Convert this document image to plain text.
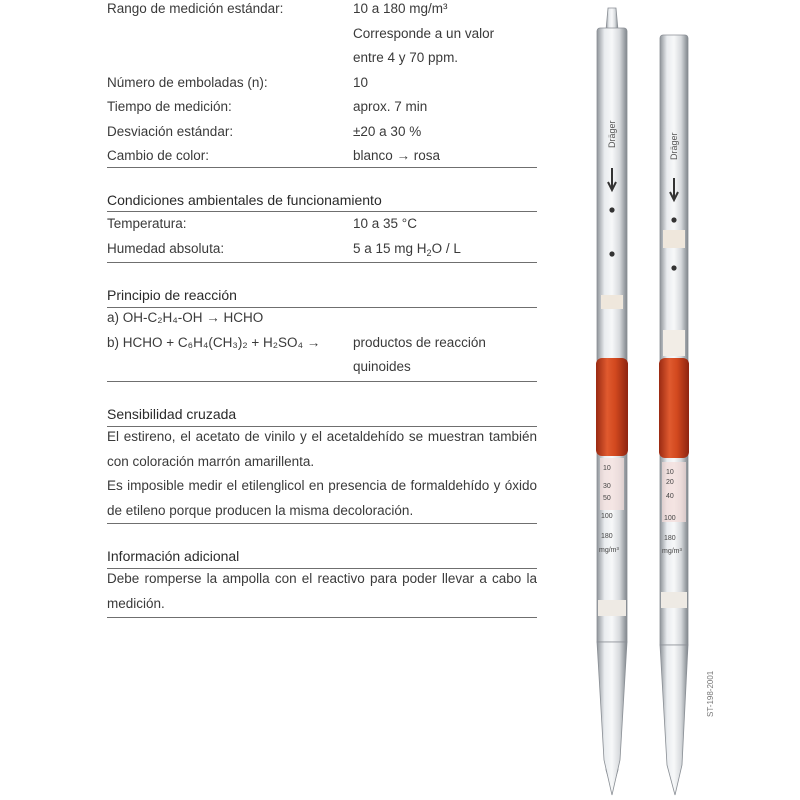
Rango de medición estándar:	10 a 180 mg/m³
Corresponde a un valor
entre 4 y 70 ppm.
Número de emboladas (n):	10
Tiempo de medición:	aprox. 7 min
Desviación estándar:	±20 a 30 %
Cambio de color:	blanco → rosa
Condiciones ambientales de funcionamiento
Temperatura:	10 a 35 °C
Humedad absoluta:	5 a 15 mg $H_2O$ / L
Principio de reacción
a) OH-C₂H₄-OH → HCHO
b) HCHO + C₆H₄(CH₃)₂ + H₂SO₄ →	productos de reacción
quinoides
Sensibilidad cruzada
El estireno, el acetato de vinilo y el acetaldehído se muestran también con coloración marrón amarillenta.
Es imposible medir el etilenglicol en presencia de formaldehído y óxido de etileno porque producen la misma decoloración.
Información adicional
Debe romperse la ampolla con el reactivo para poder llevar a cabo la medición.
Dräger
10
30
50
100
180
mg/m³
Dräger
10
20
40
100
180
mg/m³
ST-198-2001
